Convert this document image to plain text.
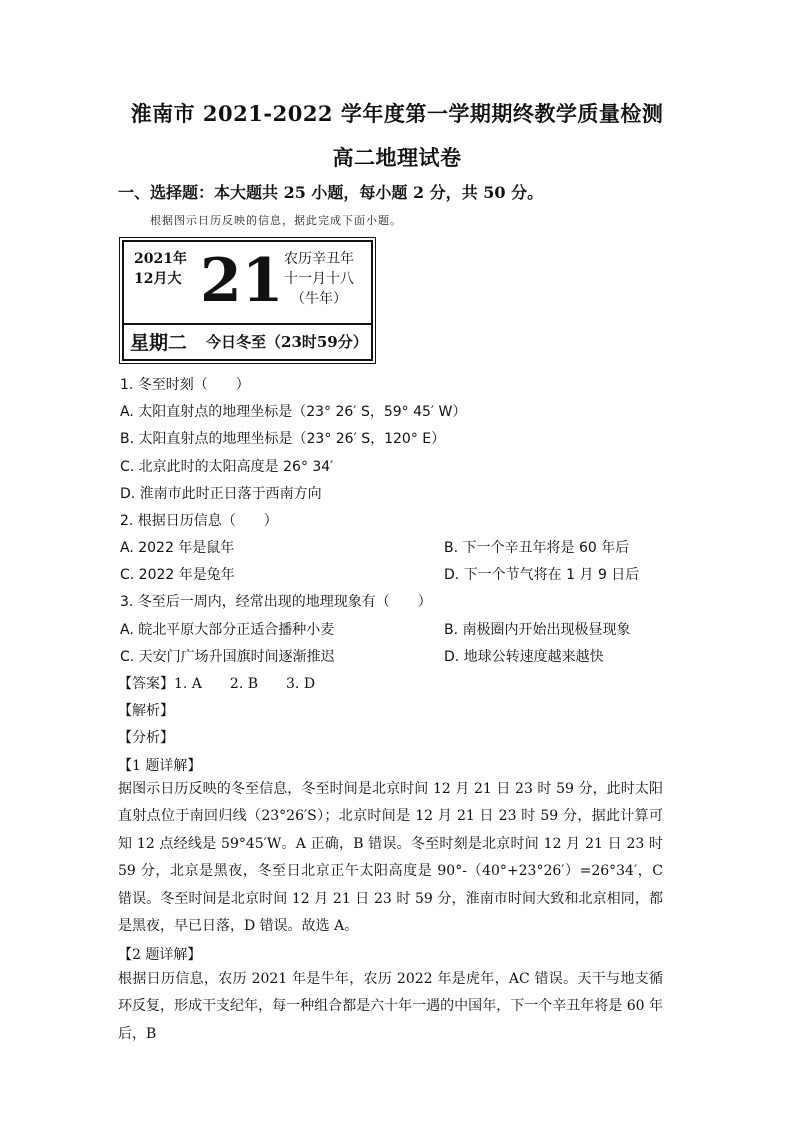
淮南市 2021-2022 学年度第一学期期终教学质量检测
高二地理试卷
一、选择题：本大题共 25 小题，每小题 2 分，共 50 分。
根据图示日历反映的信息，据此完成下面小题。
2021年
12月大 21 农历辛丑年
十一月十八
（牛年）
星期二 今日冬至（23时59分）
1. 冬至时刻（　　）
A. 太阳直射点的地理坐标是（23° 26′ S，59° 45′ W）
B. 太阳直射点的地理坐标是（23° 26′ S，120° E）
C. 北京此时的太阳高度是 26° 34′
D. 淮南市此时正日落于西南方向
2. 根据日历信息（　　）
A. 2022 年是鼠年	B. 下一个辛丑年将是 60 年后
C. 2022 年是兔年	D. 下一个节气将在 1 月 9 日后
3. 冬至后一周内，经常出现的地理现象有（　　）
A. 皖北平原大部分正适合播种小麦	B. 南极圈内开始出现极昼现象
C. 天安门广场升国旗时间逐渐推迟	D. 地球公转速度越来越快
【答案】1. A　　2. B　　3. D
【解析】
【分析】
【1 题详解】
据图示日历反映的冬至信息，冬至时间是北京时间 12 月 21 日 23 时 59 分，此时太阳直射点位于南回归线（23°26′S）；北京时间是 12 月 21 日 23 时 59 分，据此计算可知 12 点经线是 59°45′W。A 正确，B 错误。冬至时刻是北京时间 12 月 21 日 23 时 59 分，北京是黑夜，冬至日北京正午太阳高度是 90°-（40°+23°26′）=26°34′，C 错误。冬至时间是北京时间 12 月 21 日 23 时 59 分，淮南市时间大致和北京相同，都是黑夜，早已日落，D 错误。故选 A。
【2 题详解】
根据日历信息，农历 2021 年是牛年，农历 2022 年是虎年，AC 错误。天干与地支循环反复，形成干支纪年，每一种组合都是六十年一遇的中国年，下一个辛丑年将是 60 年后，B
